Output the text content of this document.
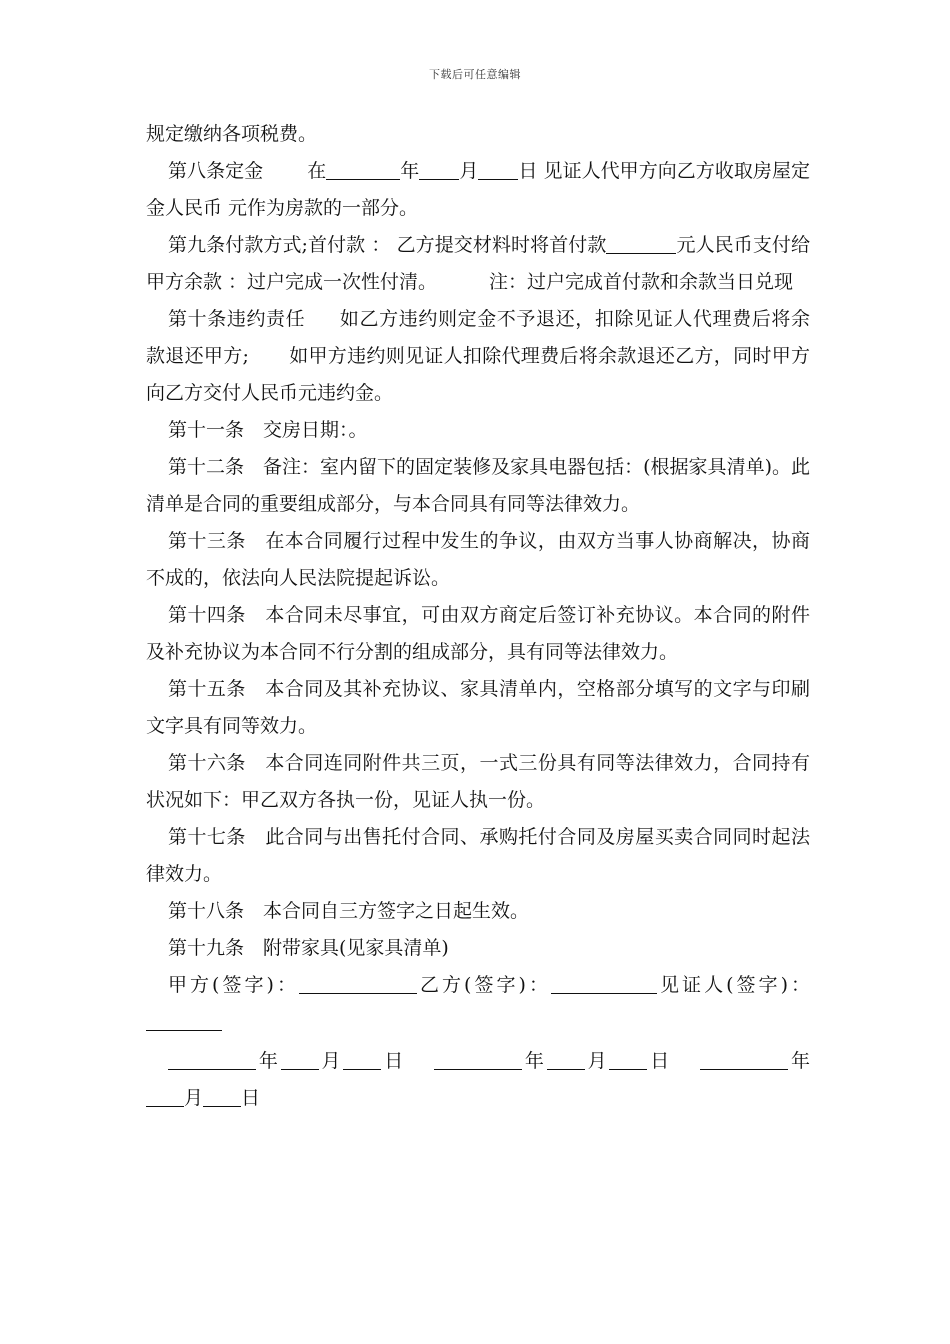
下载后可任意编辑

规定缴纳各项税费。

第八条定金 在	年 月 日 见证人代甲方向乙方收取房屋定金人民币 元作为房款的一部分。

第九条付款方式;首付款 ： 乙方提交材料时将首付款	元人民币支付给甲方余款 ：过户完成一次性付清。	注：过户完成首付款和余款当日兑现

第十条违约责任 如乙方违约则定金不予退还，扣除见证人代理费后将余款退还甲方; 如甲方违约则见证人扣除代理费后将余款退还乙方，同时甲方向乙方交付人民币元违约金。

第十一条　交房日期：。

第十二条　备注：室内留下的固定装修及家具电器包括：(根据家具清单)。此清单是合同的重要组成部分，与本合同具有同等法律效力。

第十三条　在本合同履行过程中发生的争议，由双方当事人协商解决，协商不成的，依法向人民法院提起诉讼。

第十四条　本合同未尽事宜，可由双方商定后签订补充协议。本合同的附件及补充协议为本合同不行分割的组成部分，具有同等法律效力。

第十五条　本合同及其补充协议、家具清单内，空格部分填写的文字与印刷文字具有同等效力。

第十六条　本合同连同附件共三页，一式三份具有同等法律效力，合同持有状况如下：甲乙双方各执一份，见证人执一份。

第十七条　此合同与出售托付合同、承购托付合同及房屋买卖合同同时起法律效力。

第十八条　本合同自三方签字之日起生效。

第十九条　附带家具(见家具清单)

甲方(签字)：	乙方(签字)：	见证人(签字)：

年 月 日	年 月 日	年月 日
